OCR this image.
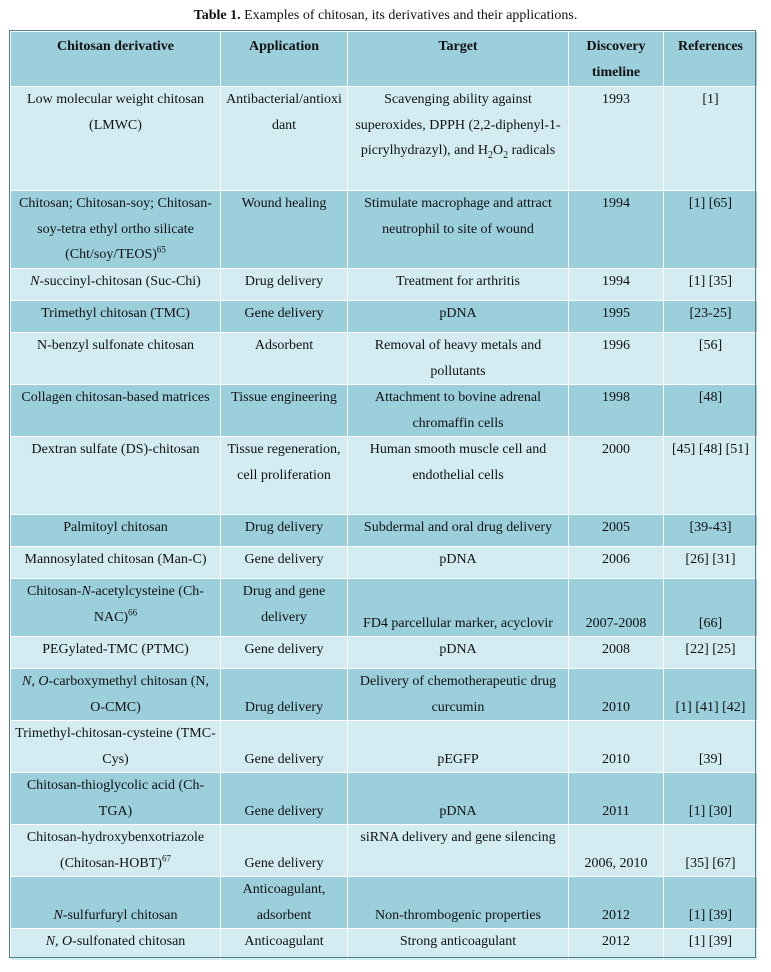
Table 1. Examples of chitosan, its derivatives and their applications.
Chitosan derivative	Application	Target	Discovery timeline	References
Low molecular weight chitosan (LMWC)	Antibacterial/antioxidant	Scavenging ability against superoxides, DPPH (2,2-diphenyl-1- picrylhydrazyl), and $H_2O_2$ radicals	1993	[1]
Chitosan; Chitosan-soy; Chitosan-soy-tetra ethyl ortho silicate (Cht/soy/TEOS)$^{65}$	Wound healing	Stimulate macrophage and attract neutrophil to site of wound	1994	[1] [65]
N-succinyl-chitosan (Suc-Chi)	Drug delivery	Treatment for arthritis	1994	[1] [35]
Trimethyl chitosan (TMC)	Gene delivery	pDNA	1995	[23-25]
N-benzyl sulfonate chitosan	Adsorbent	Removal of heavy metals and pollutants	1996	[56]
Collagen chitosan-based matrices	Tissue engineering	Attachment to bovine adrenal chromaffin cells	1998	[48]
Dextran sulfate (DS)-chitosan	Tissue regeneration, cell proliferation	Human smooth muscle cell and endothelial cells	2000	[45] [48] [51]
Palmitoyl chitosan	Drug delivery	Subdermal and oral drug delivery	2005	[39-43]
Mannosylated chitosan (Man-C)	Gene delivery	pDNA	2006	[26] [31]
Chitosan-N-acetylcysteine $(Ch-NAC)^{66}$	Drug and gene delivery	FD4 parcellular marker, acyclovir	2007-2008	[66]
PEGylated-TMC (PTMC)	Gene delivery	pDNA	2008	[22] [25]
N, O-carboxymethyl chitosan (N, O-CMC)	Drug delivery	Delivery of chemotherapeutic drug curcumin	2010	[1] [41] [42]
Trimethyl-chitosan-cysteine (TMC-Cys)	Gene delivery	pEGFP	2010	[39]
Chitosan-thioglycolic acid (Ch-TGA)	Gene delivery	pDNA	2011	[1] [30]
Chitosan-hydroxybenxotriazole (Chitosan-HOBT)$^{67}$	Gene delivery	siRNA delivery and gene silencing	2006, 2010	[35] [67]
N-sulfurfuryl chitosan	Anticoagulant, adsorbent	Non-thrombogenic properties	2012	[1] [39]
N, O-sulfonated chitosan	Anticoagulant	Strong anticoagulant	2012	[1] [39]
